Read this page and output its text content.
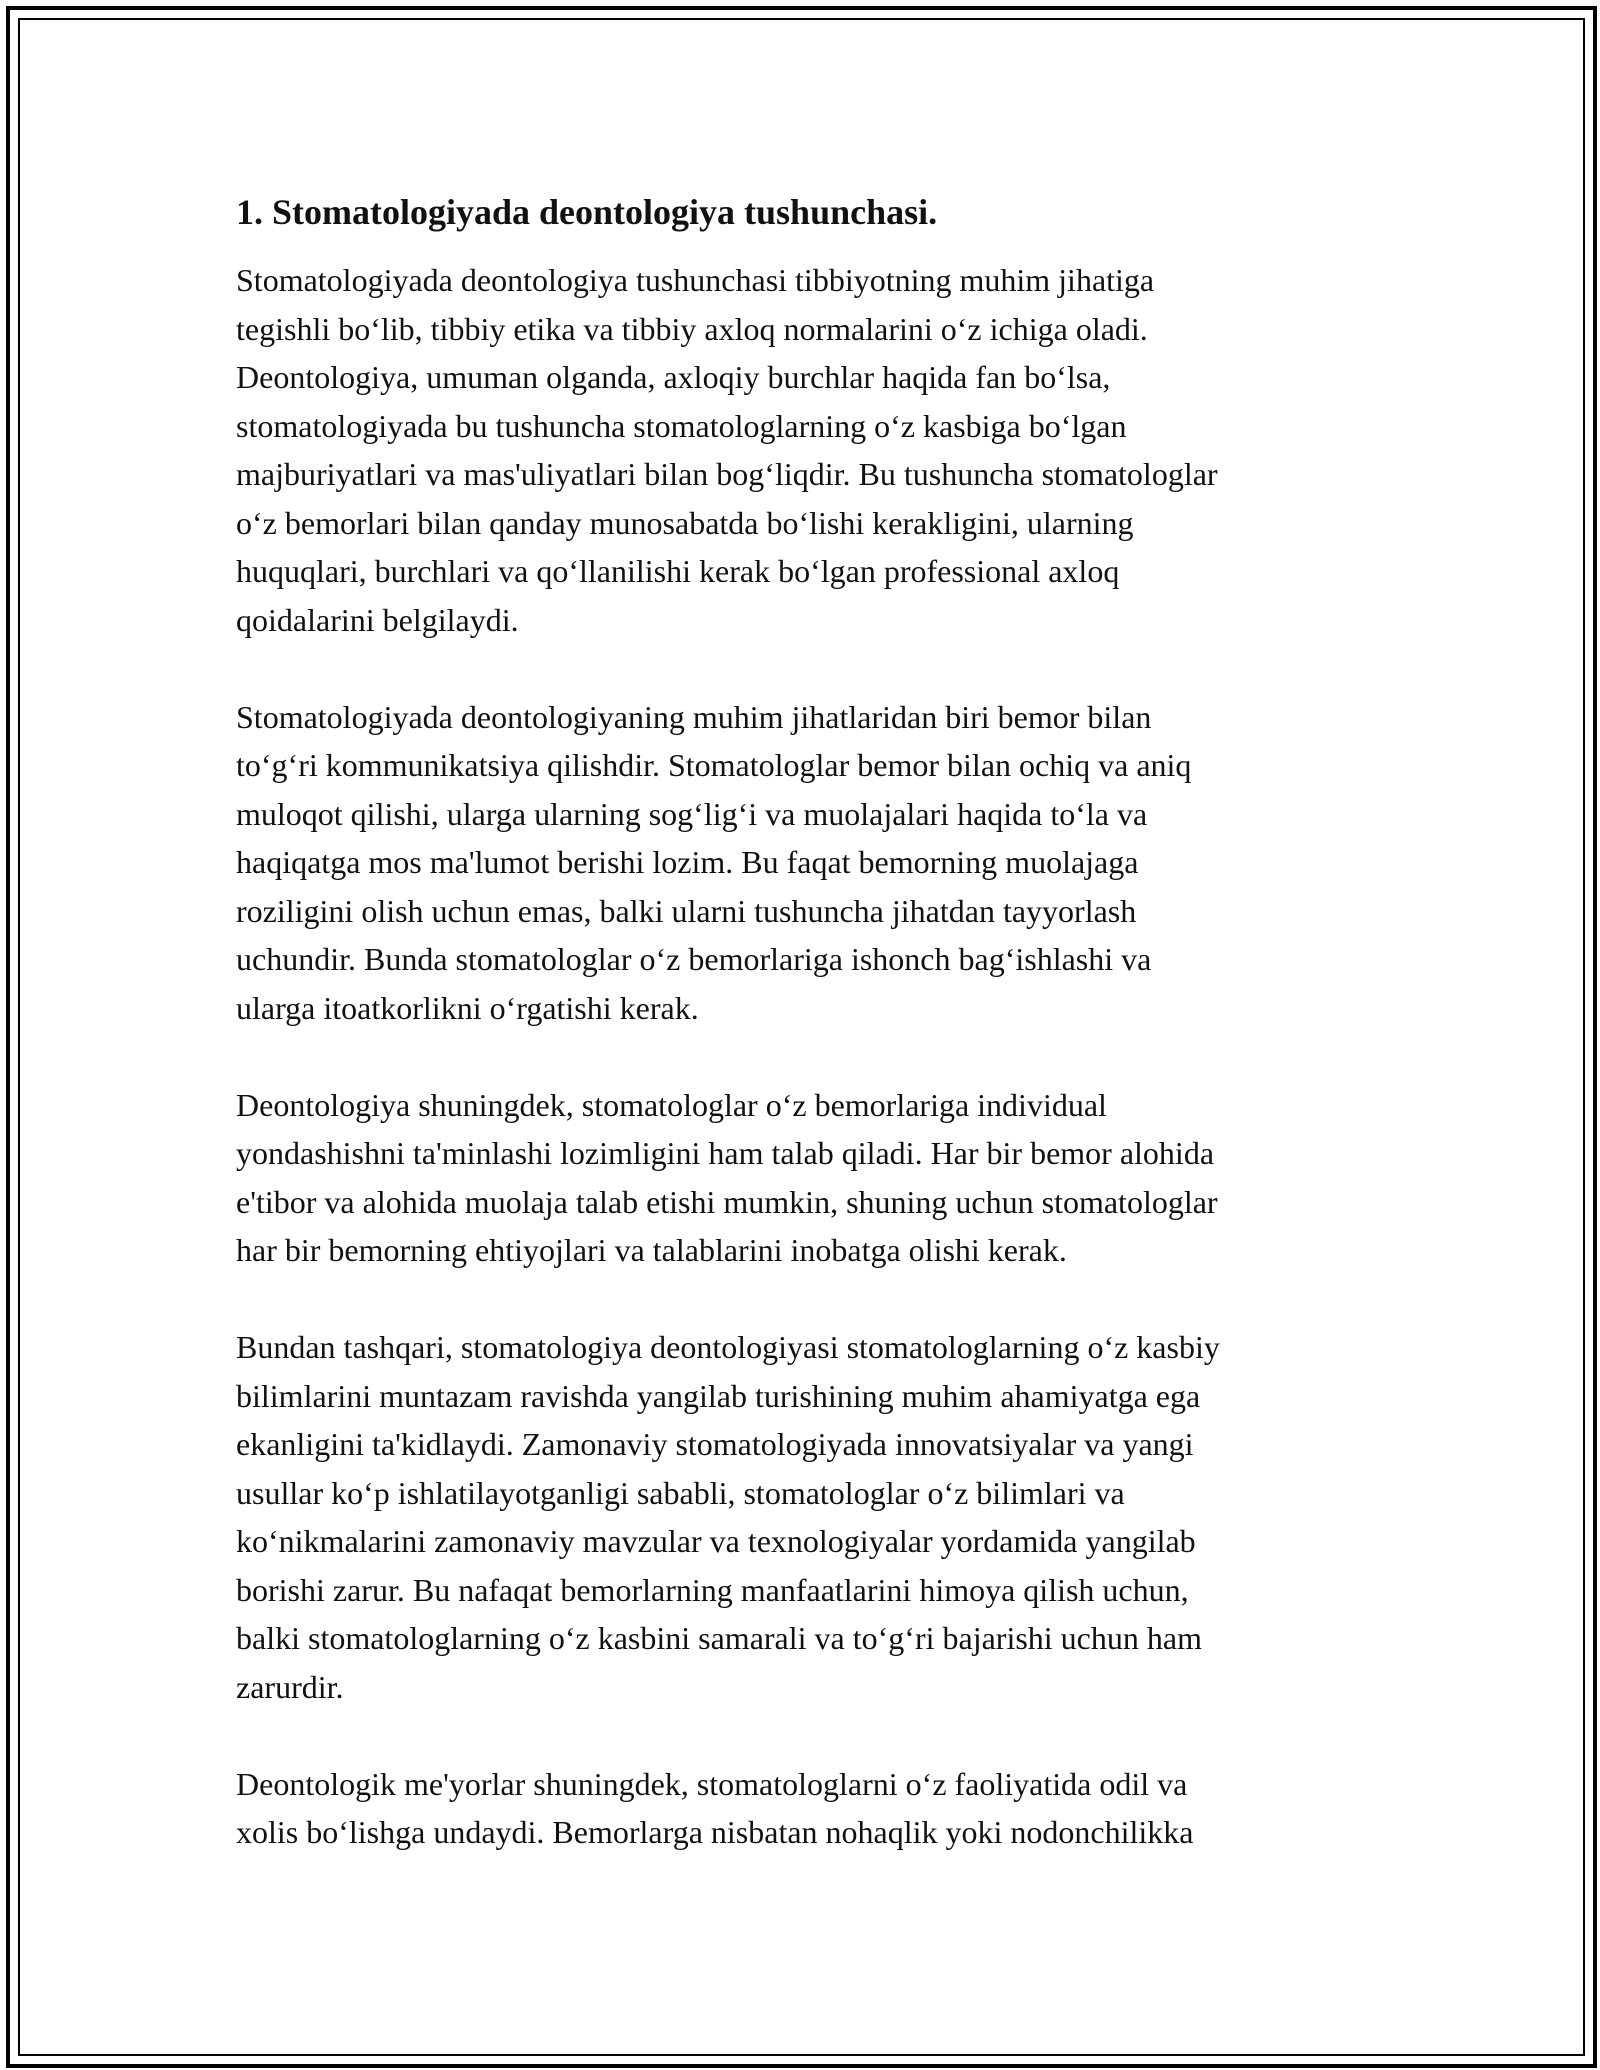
1. Stomatologiyada deontologiya tushunchasi.
Stomatologiyada deontologiya tushunchasi tibbiyotning muhim jihatiga
tegishli bo‘lib, tibbiy etika va tibbiy axloq normalarini o‘z ichiga oladi.
Deontologiya, umuman olganda, axloqiy burchlar haqida fan bo‘lsa,
stomatologiyada bu tushuncha stomatologlarning o‘z kasbiga bo‘lgan
majburiyatlari va mas'uliyatlari bilan bog‘liqdir. Bu tushuncha stomatologlar
o‘z bemorlari bilan qanday munosabatda bo‘lishi kerakligini, ularning
huquqlari, burchlari va qo‘llanilishi kerak bo‘lgan professional axloq
qoidalarini belgilaydi.
Stomatologiyada deontologiyaning muhim jihatlaridan biri bemor bilan
to‘g‘ri kommunikatsiya qilishdir. Stomatologlar bemor bilan ochiq va aniq
muloqot qilishi, ularga ularning sog‘lig‘i va muolajalari haqida to‘la va
haqiqatga mos ma'lumot berishi lozim. Bu faqat bemorning muolajaga
roziligini olish uchun emas, balki ularni tushuncha jihatdan tayyorlash
uchundir. Bunda stomatologlar o‘z bemorlariga ishonch bag‘ishlashi va
ularga itoatkorlikni o‘rgatishi kerak.
Deontologiya shuningdek, stomatologlar o‘z bemorlariga individual
yondashishni ta'minlashi lozimligini ham talab qiladi. Har bir bemor alohida
e'tibor va alohida muolaja talab etishi mumkin, shuning uchun stomatologlar
har bir bemorning ehtiyojlari va talablarini inobatga olishi kerak.
Bundan tashqari, stomatologiya deontologiyasi stomatologlarning o‘z kasbiy
bilimlarini muntazam ravishda yangilab turishining muhim ahamiyatga ega
ekanligini ta'kidlaydi. Zamonaviy stomatologiyada innovatsiyalar va yangi
usullar ko‘p ishlatilayotganligi sababli, stomatologlar o‘z bilimlari va
ko‘nikmalarini zamonaviy mavzular va texnologiyalar yordamida yangilab
borishi zarur. Bu nafaqat bemorlarning manfaatlarini himoya qilish uchun,
balki stomatologlarning o‘z kasbini samarali va to‘g‘ri bajarishi uchun ham
zarurdir.
Deontologik me'yorlar shuningdek, stomatologlarni o‘z faoliyatida odil va
xolis bo‘lishga undaydi. Bemorlarga nisbatan nohaqlik yoki nodonchilikka
